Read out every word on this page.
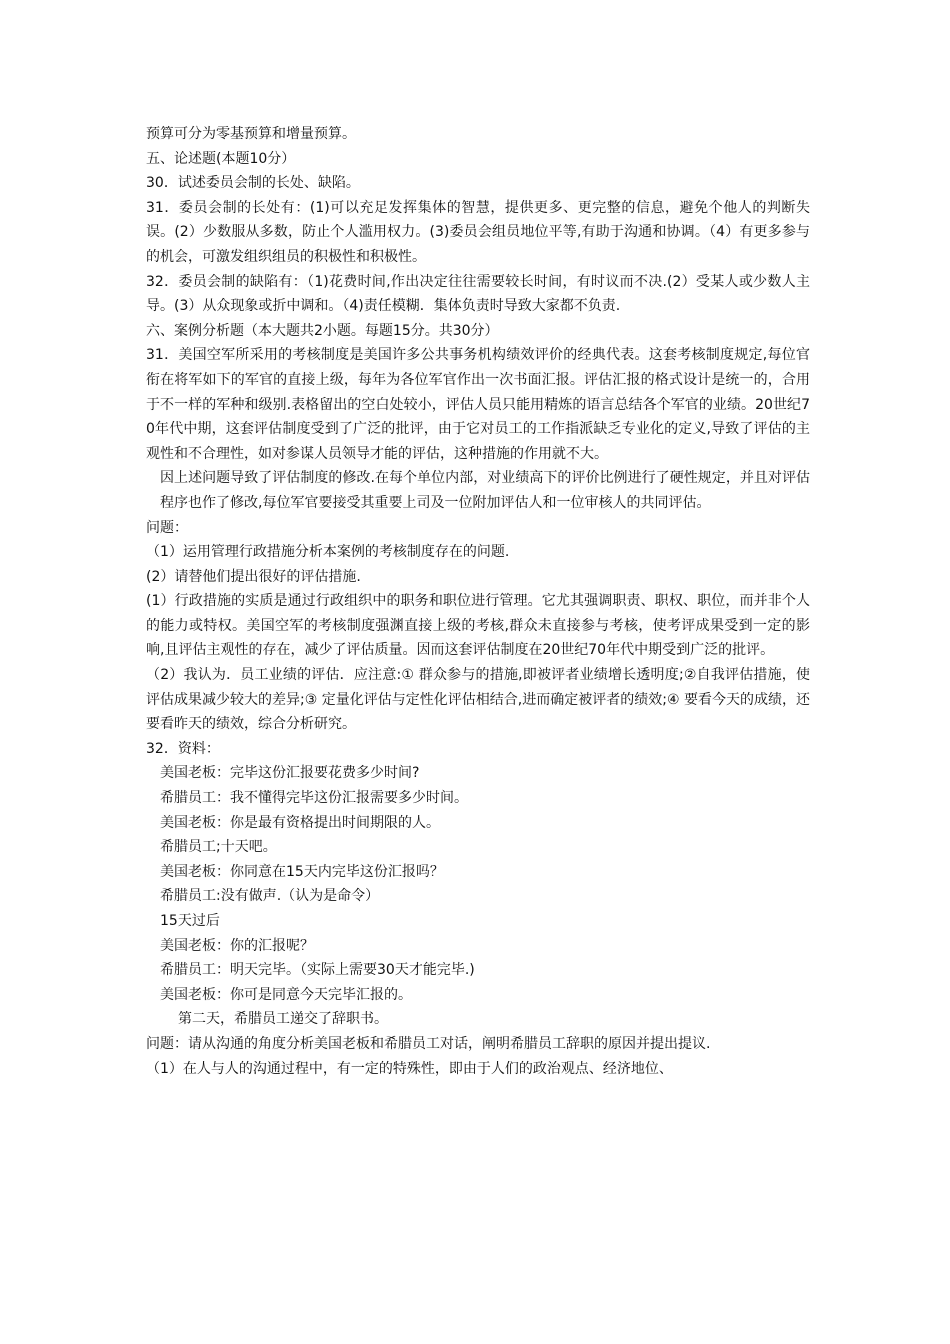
预算可分为零基预算和增量预算。

五、论述题(本题10分）

30．试述委员会制的长处、缺陷。

31．委员会制的长处有：(1)可以充足发挥集体的智慧，提供更多、更完整的信息，避免个他人的判断失误。(2）少数服从多数，防止个人滥用权力。(3)委员会组员地位平等,有助于沟通和协调。（4）有更多参与的机会，可激发组织组员的积极性和积极性。

32．委员会制的缺陷有：（1)花费时间,作出决定往往需要较长时间，有时议而不决.(2）受某人或少数人主导。(3）从众现象或折中调和。（4)责任模糊．集体负责时导致大家都不负责.

六、案例分析题（本大题共2小题。每题15分。共30分）

31．美国空军所采用的考核制度是美国许多公共事务机构绩效评价的经典代表。这套考核制度规定,每位官衔在将军如下的军官的直接上级，每年为各位军官作出一次书面汇报。评估汇报的格式设计是统一的，合用于不一样的军种和级别.表格留出的空白处较小，评估人员只能用精炼的语言总结各个军官的业绩。20世纪70年代中期，这套评估制度受到了广泛的批评，由于它对员工的工作指派缺乏专业化的定义,导致了评估的主观性和不合理性，如对参谋人员领导才能的评估，这种措施的作用就不大。

因上述问题导致了评估制度的修改.在每个单位内部，对业绩高下的评价比例进行了硬性规定，并且对评估程序也作了修改,每位军官要接受其重要上司及一位附加评估人和一位审核人的共同评估。

问题：

（1）运用管理行政措施分析本案例的考核制度存在的问题.

(2）请替他们提出很好的评估措施.

(1）行政措施的实质是通过行政组织中的职务和职位进行管理。它尤其强调职责、职权、职位，而并非个人的能力或特权。美国空军的考核制度强渊直接上级的考核,群众未直接参与考核，使考评成果受到一定的影响,且评估主观性的存在，减少了评估质量。因而这套评估制度在20世纪70年代中期受到广泛的批评。

（2）我认为．员工业绩的评估．应注意:① 群众参与的措施,即被评者业绩增长透明度;②自我评估措施，使评估成果减少较大的差异;③ 定量化评估与定性化评估相结合,进而确定被评者的绩效;④ 要看今天的成绩，还要看昨天的绩效，综合分析研究。

32．资料：

美国老板：完毕这份汇报要花费多少时间?

希腊员工：我不懂得完毕这份汇报需要多少时间。

美国老板：你是最有资格提出时间期限的人。

希腊员工;十天吧。

美国老板：你同意在15天内完毕这份汇报吗？

希腊员工:没有做声.（认为是命令）

15天过后

美国老板：你的汇报呢？

希腊员工：明天完毕。（实际上需要30天才能完毕.)

美国老板：你可是同意今天完毕汇报的。

第二天，希腊员工递交了辞职书。

问题：请从沟通的角度分析美国老板和希腊员工对话，阐明希腊员工辞职的原因并提出提议.

（1）在人与人的沟通过程中，有一定的特殊性，即由于人们的政治观点、经济地位、
